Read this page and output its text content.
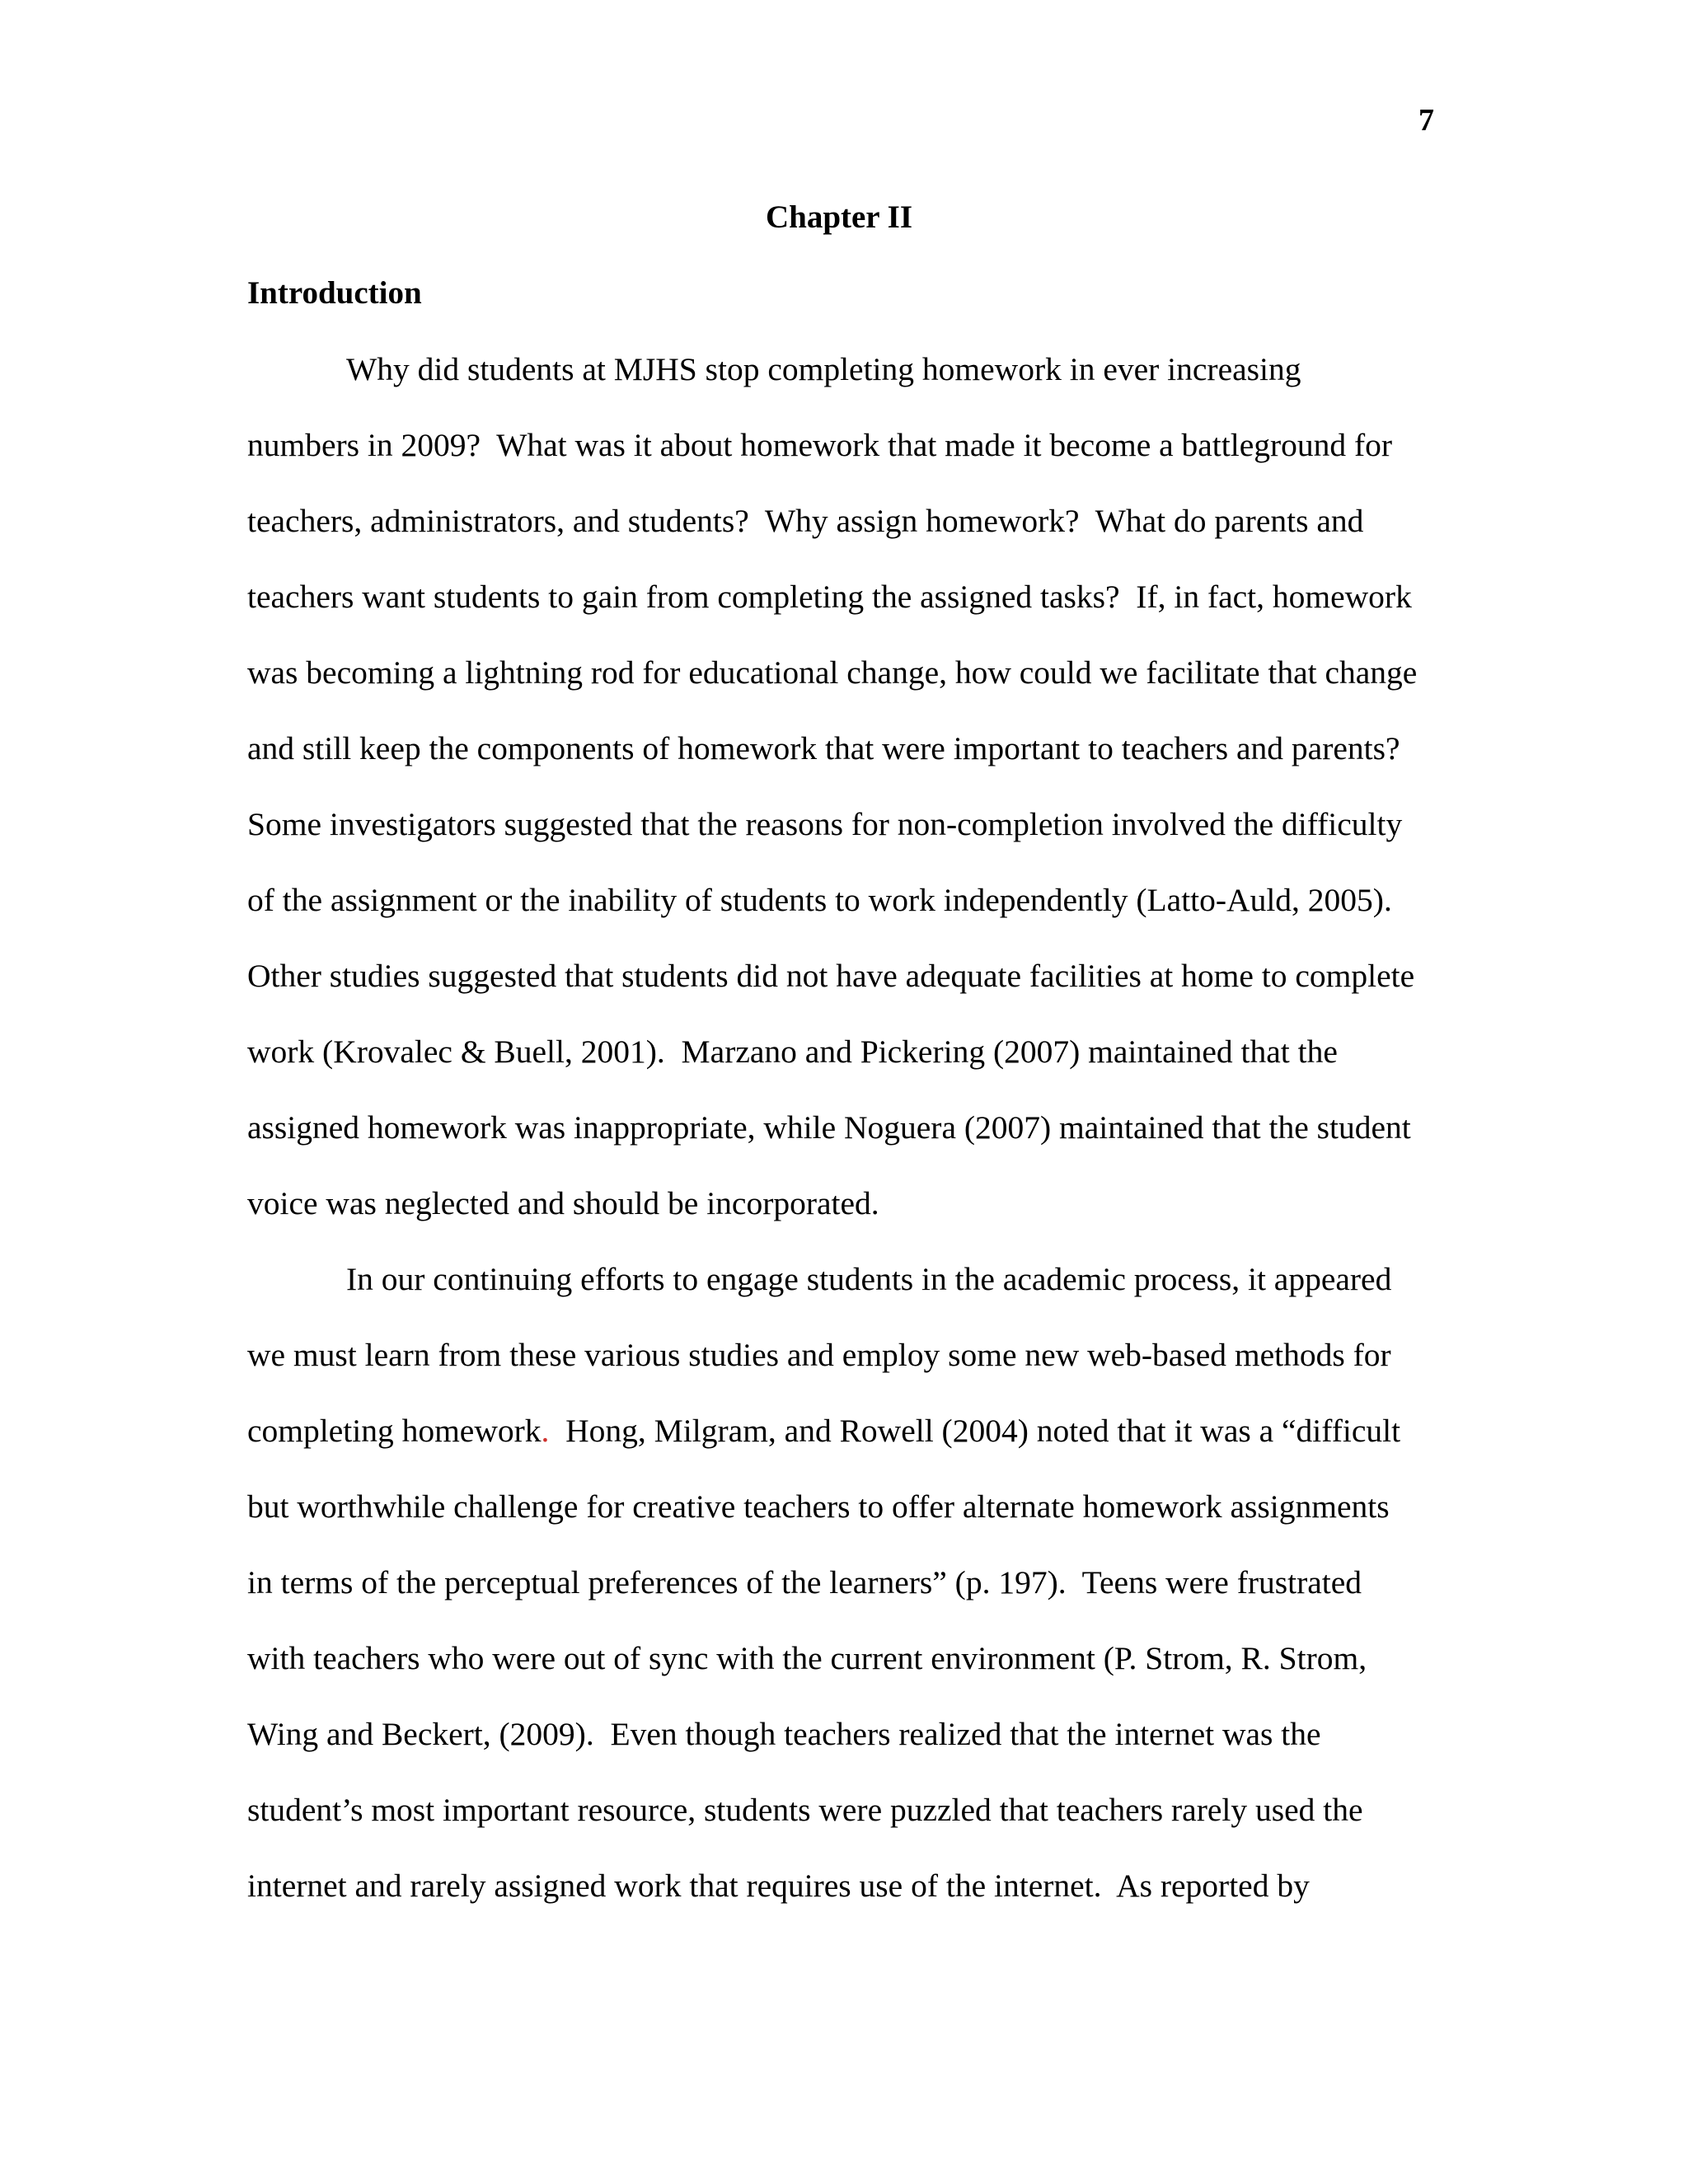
7
Chapter II
Introduction
Why did students at MJHS stop completing homework in ever increasing
numbers in 2009?  What was it about homework that made it become a battleground for
teachers, administrators, and students?  Why assign homework?  What do parents and
teachers want students to gain from completing the assigned tasks?  If, in fact, homework
was becoming a lightning rod for educational change, how could we facilitate that change
and still keep the components of homework that were important to teachers and parents?
Some investigators suggested that the reasons for non-completion involved the difficulty
of the assignment or the inability of students to work independently (Latto-Auld, 2005).
Other studies suggested that students did not have adequate facilities at home to complete
work (Krovalec & Buell, 2001).  Marzano and Pickering (2007) maintained that the
assigned homework was inappropriate, while Noguera (2007) maintained that the student
voice was neglected and should be incorporated.
In our continuing efforts to engage students in the academic process, it appeared
we must learn from these various studies and employ some new web-based methods for
completing homework.  Hong, Milgram, and Rowell (2004) noted that it was a “difficult
but worthwhile challenge for creative teachers to offer alternate homework assignments
in terms of the perceptual preferences of the learners” (p. 197).  Teens were frustrated
with teachers who were out of sync with the current environment (P. Strom, R. Strom,
Wing and Beckert, (2009).  Even though teachers realized that the internet was the
student’s most important resource, students were puzzled that teachers rarely used the
internet and rarely assigned work that requires use of the internet.  As reported by
